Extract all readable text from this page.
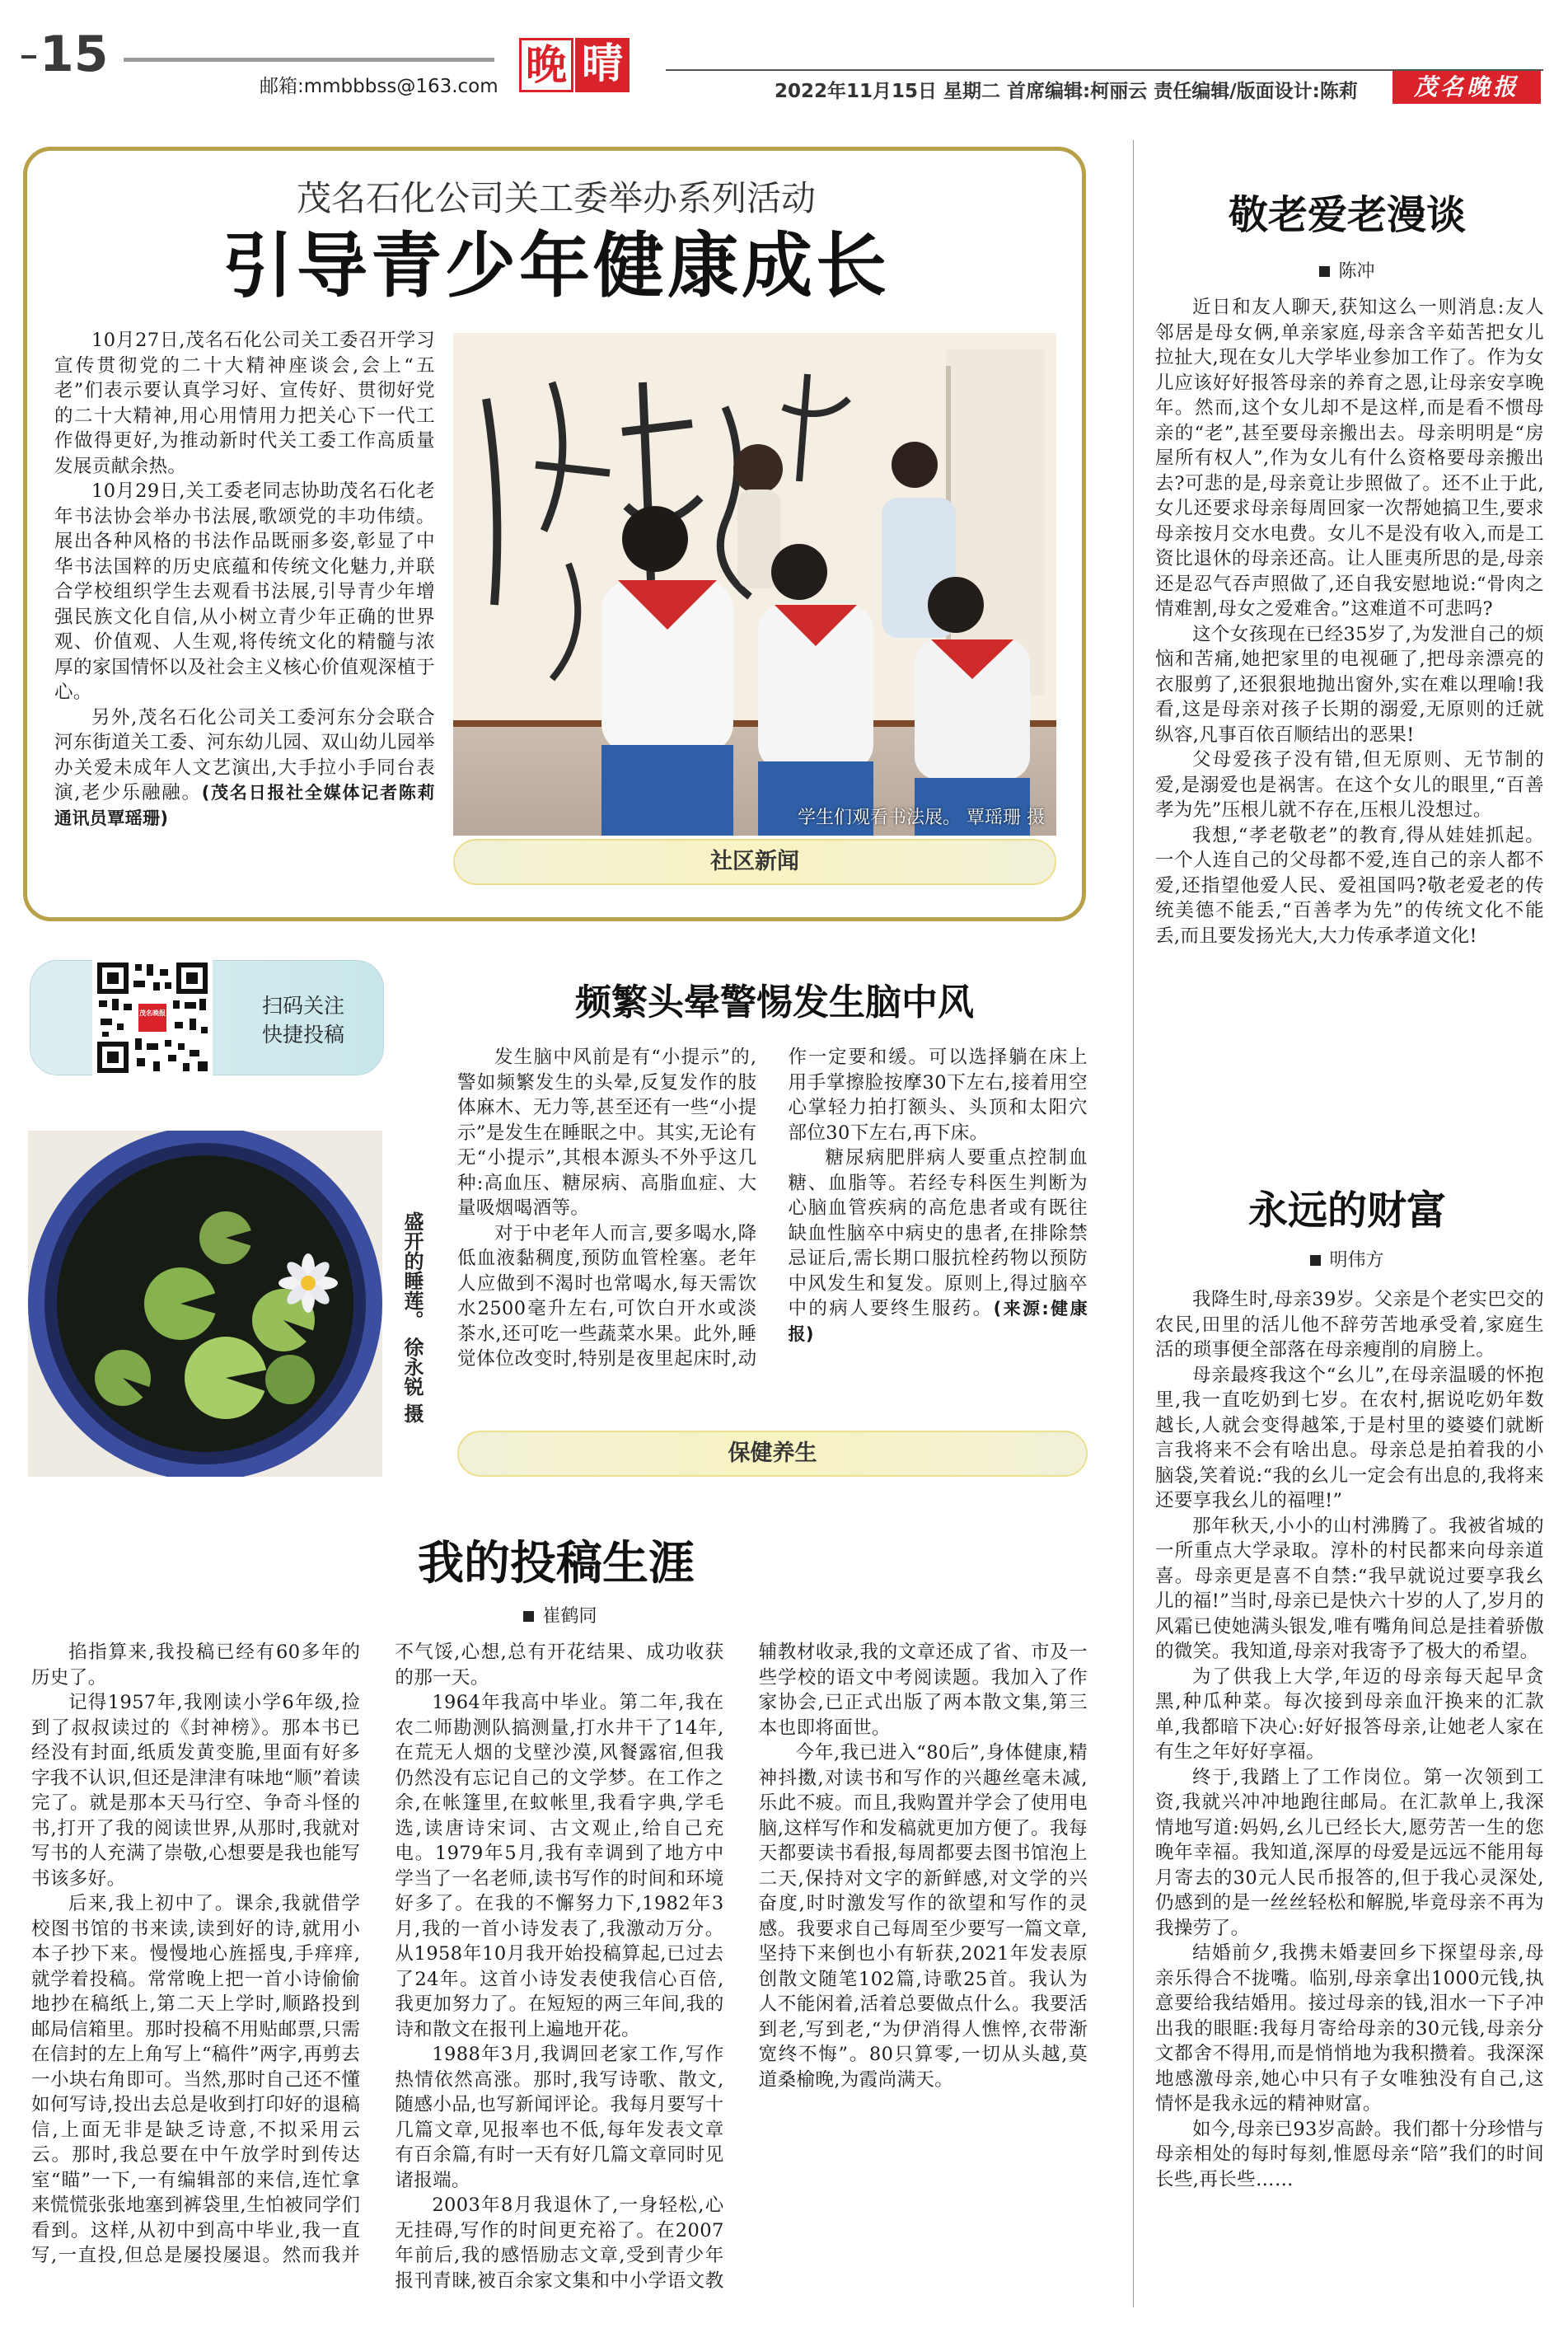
15
邮箱:mmbbbss@163.com 晚 晴
2022年11月15日 星期二 首席编辑:柯丽云 责任编辑/版面设计:陈莉	茂名晚报
茂名石化公司关工委举办系列活动
引导青少年健康成长

10月27日,茂名石化公司关工委召开学习宣传贯彻党的二十大精神座谈会,会上“五老”们表示要认真学习好、宣传好、贯彻好党的二十大精神,用心用情用力把关心下一代工作做得更好,为推动新时代关工委工作高质量发展贡献余热。

10月29日,关工委老同志协助茂名石化老年书法协会举办书法展,歌颂党的丰功伟绩。展出各种风格的书法作品既丽多姿,彰显了中华书法国粹的历史底蕴和传统文化魅力,并联合学校组织学生去观看书法展,引导青少年增强民族文化自信,从小树立青少年正确的世界观、价值观、人生观,将传统文化的精髓与浓厚的家国情怀以及社会主义核心价值观深植于心。

另外,茂名石化公司关工委河东分会联合河东街道关工委、河东幼儿园、双山幼儿园举办关爱未成年人文艺演出,大手拉小手同台表演,老少乐融融。(茂名日报社全媒体记者陈莉 通讯员覃瑶珊)	学生们观看书法展。 覃瑶珊 摄
社区新闻
茂名晚报	扫码关注
快捷投稿
盛开的睡莲。 徐永锐 摄
频繁头晕警惕发生脑中风

发生脑中风前是有“小提示”的,警如频繁发生的头晕,反复发作的肢体麻木、无力等,甚至还有一些“小提示”是发生在睡眠之中。其实,无论有无“小提示”,其根本源头不外乎这几种:高血压、糖尿病、高脂血症、大量吸烟喝酒等。

对于中老年人而言,要多喝水,降低血液黏稠度,预防血管栓塞。老年人应做到不渴时也常喝水,每天需饮水2500毫升左右,可饮白开水或淡茶水,还可吃一些蔬菜水果。此外,睡觉体位改变时,特别是夜里起床时,动作一定要和缓。可以选择躺在床上用手掌擦脸按摩30下左右,接着用空心掌轻力拍打额头、头顶和太阳穴部位30下左右,再下床。

糖尿病肥胖病人要重点控制血糖、血脂等。若经专科医生判断为心脑血管疾病的高危患者或有既往缺血性脑卒中病史的患者,在排除禁忌证后,需长期口服抗栓药物以预防中风发生和复发。原则上,得过脑卒中的病人要终生服药。(来源:健康报)

保健养生
敬老爱老漫谈
陈冲

近日和友人聊天,获知这么一则消息:友人邻居是母女俩,单亲家庭,母亲含辛茹苦把女儿拉扯大,现在女儿大学毕业参加工作了。作为女儿应该好好报答母亲的养育之恩,让母亲安享晚年。然而,这个女儿却不是这样,而是看不惯母亲的“老”,甚至要母亲搬出去。母亲明明是“房屋所有权人”,作为女儿有什么资格要母亲搬出去?可悲的是,母亲竟让步照做了。还不止于此,女儿还要求母亲每周回家一次帮她搞卫生,要求母亲按月交水电费。女儿不是没有收入,而是工资比退休的母亲还高。让人匪夷所思的是,母亲还是忍气吞声照做了,还自我安慰地说:“骨肉之情难割,母女之爱难舍。”这难道不可悲吗?

这个女孩现在已经35岁了,为发泄自己的烦恼和苦痛,她把家里的电视砸了,把母亲漂亮的衣服剪了,还狠狠地抛出窗外,实在难以理喻!我看,这是母亲对孩子长期的溺爱,无原则的迁就纵容,凡事百依百顺结出的恶果!

父母爱孩子没有错,但无原则、无节制的爱,是溺爱也是祸害。在这个女儿的眼里,“百善孝为先”压根儿就不存在,压根儿没想过。

我想,“孝老敬老”的教育,得从娃娃抓起。一个人连自己的父母都不爱,连自己的亲人都不爱,还指望他爱人民、爱祖国吗?敬老爱老的传统美德不能丢,“百善孝为先”的传统文化不能丢,而且要发扬光大,大力传承孝道文化!

永远的财富
明伟方

我降生时,母亲39岁。父亲是个老实巴交的农民,田里的活儿他不辞劳苦地承受着,家庭生活的琐事便全部落在母亲瘦削的肩膀上。

母亲最疼我这个“幺儿”,在母亲温暖的怀抱里,我一直吃奶到七岁。在农村,据说吃奶年数越长,人就会变得越笨,于是村里的婆婆们就断言我将来不会有啥出息。母亲总是拍着我的小脑袋,笑着说:“我的幺儿一定会有出息的,我将来还要享我幺儿的福哩!”

那年秋天,小小的山村沸腾了。我被省城的一所重点大学录取。淳朴的村民都来向母亲道喜。母亲更是喜不自禁:“我早就说过要享我幺儿的福!”当时,母亲已是快六十岁的人了,岁月的风霜已使她满头银发,唯有嘴角间总是挂着骄傲的微笑。我知道,母亲对我寄予了极大的希望。

为了供我上大学,年迈的母亲每天起早贪黑,种瓜种菜。每次接到母亲血汗换来的汇款单,我都暗下决心:好好报答母亲,让她老人家在有生之年好好享福。

终于,我踏上了工作岗位。第一次领到工资,我就兴冲冲地跑往邮局。在汇款单上,我深情地写道:妈妈,幺儿已经长大,愿劳苦一生的您晚年幸福。我知道,深厚的母爱是远远不能用每月寄去的30元人民币报答的,但于我心灵深处,仍感到的是一丝丝轻松和解脱,毕竟母亲不再为我操劳了。

结婚前夕,我携未婚妻回乡下探望母亲,母亲乐得合不拢嘴。临别,母亲拿出1000元钱,执意要给我结婚用。接过母亲的钱,泪水一下子冲出我的眼眶:我每月寄给母亲的30元钱,母亲分文都舍不得用,而是悄悄地为我积攒着。我深深地感激母亲,她心中只有子女唯独没有自己,这情怀是我永远的精神财富。

如今,母亲已93岁高龄。我们都十分珍惜与母亲相处的每时每刻,惟愿母亲“陪”我们的时间长些,再长些……

我的投稿生涯
崔鹤同

掐指算来,我投稿已经有60多年的历史了。

记得1957年,我刚读小学6年级,捡到了叔叔读过的《封神榜》。那本书已经没有封面,纸质发黄变脆,里面有好多字我不认识,但还是津津有味地“顺”着读完了。就是那本天马行空、争奇斗怪的书,打开了我的阅读世界,从那时,我就对写书的人充满了崇敬,心想要是我也能写书该多好。

后来,我上初中了。课余,我就借学校图书馆的书来读,读到好的诗,就用小本子抄下来。慢慢地心旌摇曳,手痒痒,就学着投稿。常常晚上把一首小诗偷偷地抄在稿纸上,第二天上学时,顺路投到邮局信箱里。那时投稿不用贴邮票,只需在信封的左上角写上“稿件”两字,再剪去一小块右角即可。当然,那时自己还不懂如何写诗,投出去总是收到打印好的退稿信,上面无非是缺乏诗意,不拟采用云云。那时,我总要在中午放学时到传达室“瞄”一下,一有编辑部的来信,连忙拿来慌慌张张地塞到裤袋里,生怕被同学们看到。这样,从初中到高中毕业,我一直写,一直投,但总是屡投屡退。然而我并不气馁,心想,总有开花结果、成功收获的那一天。

1964年我高中毕业。第二年,我在农二师勘测队搞测量,打水井干了14年,在荒无人烟的戈壁沙漠,风餐露宿,但我仍然没有忘记自己的文学梦。在工作之余,在帐篷里,在蚊帐里,我看字典,学毛选,读唐诗宋词、古文观止,给自己充电。1979年5月,我有幸调到了地方中学当了一名老师,读书写作的时间和环境好多了。在我的不懈努力下,1982年3月,我的一首小诗发表了,我激动万分。从1958年10月我开始投稿算起,已过去了24年。这首小诗发表使我信心百倍,我更加努力了。在短短的两三年间,我的诗和散文在报刊上遍地开花。

1988年3月,我调回老家工作,写作热情依然高涨。那时,我写诗歌、散文,随感小品,也写新闻评论。我每月要写十几篇文章,见报率也不低,每年发表文章有百余篇,有时一天有好几篇文章同时见诸报端。

2003年8月我退休了,一身轻松,心无挂碍,写作的时间更充裕了。在2007年前后,我的感悟励志文章,受到青少年报刊青睐,被百余家文集和中小学语文教辅教材收录,我的文章还成了省、市及一些学校的语文中考阅读题。我加入了作家协会,已正式出版了两本散文集,第三本也即将面世。

今年,我已进入“80后”,身体健康,精神抖擞,对读书和写作的兴趣丝毫未减,乐此不疲。而且,我购置并学会了使用电脑,这样写作和发稿就更加方便了。我每天都要读书看报,每周都要去图书馆泡上二天,保持对文字的新鲜感,对文学的兴奋度,时时激发写作的欲望和写作的灵感。我要求自己每周至少要写一篇文章,坚持下来倒也小有斩获,2021年发表原创散文随笔102篇,诗歌25首。我认为人不能闲着,活着总要做点什么。我要活到老,写到老,“为伊消得人憔悴,衣带渐宽终不悔”。80只算零,一切从头越,莫道桑榆晚,为霞尚满天。
